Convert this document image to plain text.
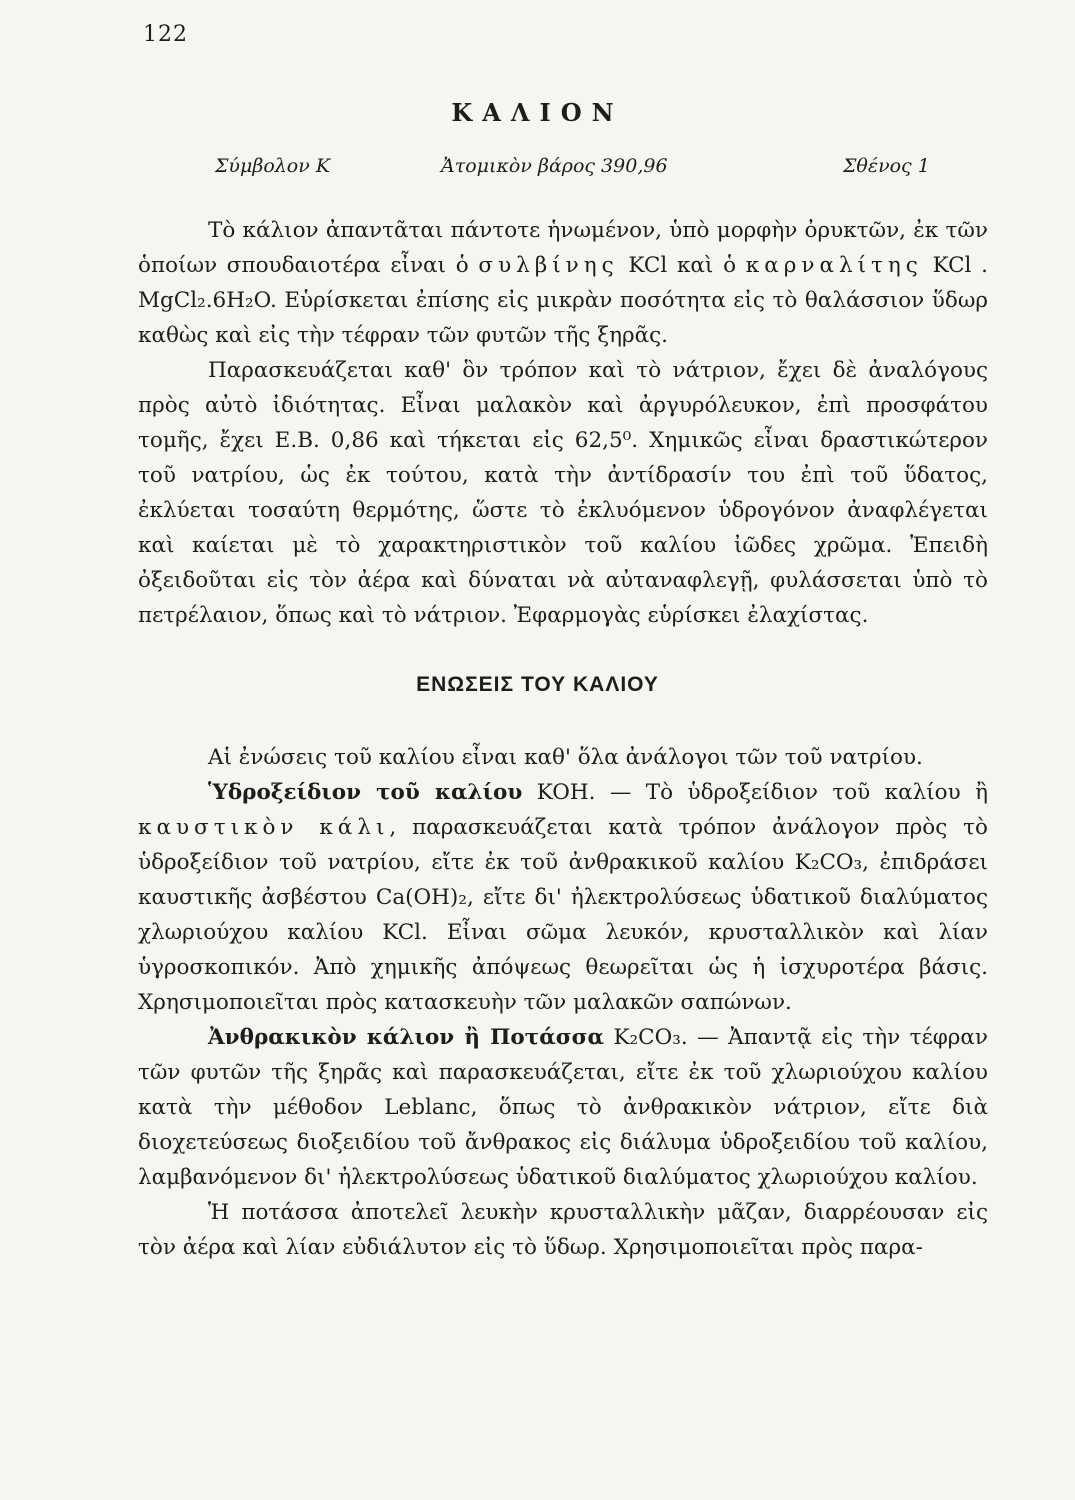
122
ΚΑΛΙΟΝ
Σύμβολον K	Ἀτομικὸν βάρος 390,96	Σθένος 1

Τὸ κάλιον ἀπαντᾶται πάντοτε ἡνωμένον, ὑπὸ μορφὴν ὀρυκτῶν, ἐκ τῶν ὁποίων σπουδαιοτέρα εἶναι ὁ συλβίνης KCl καὶ ὁ καρναλίτης KCl . MgCl₂.6H₂O. Εὑρίσκεται ἐπίσης εἰς μικρὰν ποσότητα εἰς τὸ θαλάσσιον ὕδωρ καθὼς καὶ εἰς τὴν τέφραν τῶν φυτῶν τῆς ξηρᾶς.

Παρασκευάζεται καθ' ὃν τρόπον καὶ τὸ νάτριον, ἔχει δὲ ἀναλόγους πρὸς αὐτὸ ἰδιότητας. Εἶναι μαλακὸν καὶ ἀργυρόλευκον, ἐπὶ προσφάτου τομῆς, ἔχει Ε.Β. 0,86 καὶ τήκεται εἰς 62,5⁰. Χημικῶς εἶναι δραστικώτερον τοῦ νατρίου, ὡς ἐκ τούτου, κατὰ τὴν ἀντίδρασίν του ἐπὶ τοῦ ὕδατος, ἐκλύεται τοσαύτη θερμότης, ὥστε τὸ ἐκλυόμενον ὑδρογόνον ἀναφλέγεται καὶ καίεται μὲ τὸ χαρακτηριστικὸν τοῦ καλίου ἰῶδες χρῶμα. Ἐπειδὴ ὀξειδοῦται εἰς τὸν ἀέρα καὶ δύναται νὰ αὐταναφλεγῇ, φυλάσσεται ὑπὸ τὸ πετρέλαιον, ὅπως καὶ τὸ νάτριον. Ἐφαρμογὰς εὑρίσκει ἐλαχίστας.

ΕΝΩΣΕΙΣ ΤΟΥ ΚΑΛΙΟΥ

Αἱ ἐνώσεις τοῦ καλίου εἶναι καθ' ὅλα ἀνάλογοι τῶν τοῦ νατρίου.

Ὑδροξείδιον τοῦ καλίου KOH. — Τὸ ὑδροξείδιον τοῦ καλίου ἢ καυστικὸν κάλι, παρασκευάζεται κατὰ τρόπον ἀνάλογον πρὸς τὸ ὑδροξείδιον τοῦ νατρίου, εἴτε ἐκ τοῦ ἀνθρακικοῦ καλίου K₂CO₃, ἐπιδράσει καυστικῆς ἀσβέστου Ca(OH)₂, εἴτε δι' ἠλεκτρολύσεως ὑδατικοῦ διαλύματος χλωριούχου καλίου KCl. Εἶναι σῶμα λευκόν, κρυσταλλικὸν καὶ λίαν ὑγροσκοπικόν. Ἀπὸ χημικῆς ἀπόψεως θεωρεῖται ὡς ἡ ἰσχυροτέρα βάσις. Χρησιμοποιεῖται πρὸς κατασκευὴν τῶν μαλακῶν σαπώνων.

Ἀνθρακικὸν κάλιον ἢ Ποτάσσα K₂CO₃. — Ἀπαντᾷ εἰς τὴν τέφραν τῶν φυτῶν τῆς ξηρᾶς καὶ παρασκευάζεται, εἴτε ἐκ τοῦ χλωριούχου καλίου κατὰ τὴν μέθοδον Leblanc, ὅπως τὸ ἀνθρακικὸν νάτριον, εἴτε διὰ διοχετεύσεως διοξειδίου τοῦ ἄνθρακος εἰς διάλυμα ὑδροξειδίου τοῦ καλίου, λαμβανόμενον δι' ἠλεκτρολύσεως ὑδατικοῦ διαλύματος χλωριούχου καλίου.

Ἡ ποτάσσα ἀποτελεῖ λευκὴν κρυσταλλικὴν μᾶζαν, διαρρέουσαν εἰς τὸν ἀέρα καὶ λίαν εὐδιάλυτον εἰς τὸ ὕδωρ. Χρησιμοποιεῖται πρὸς παρα-
